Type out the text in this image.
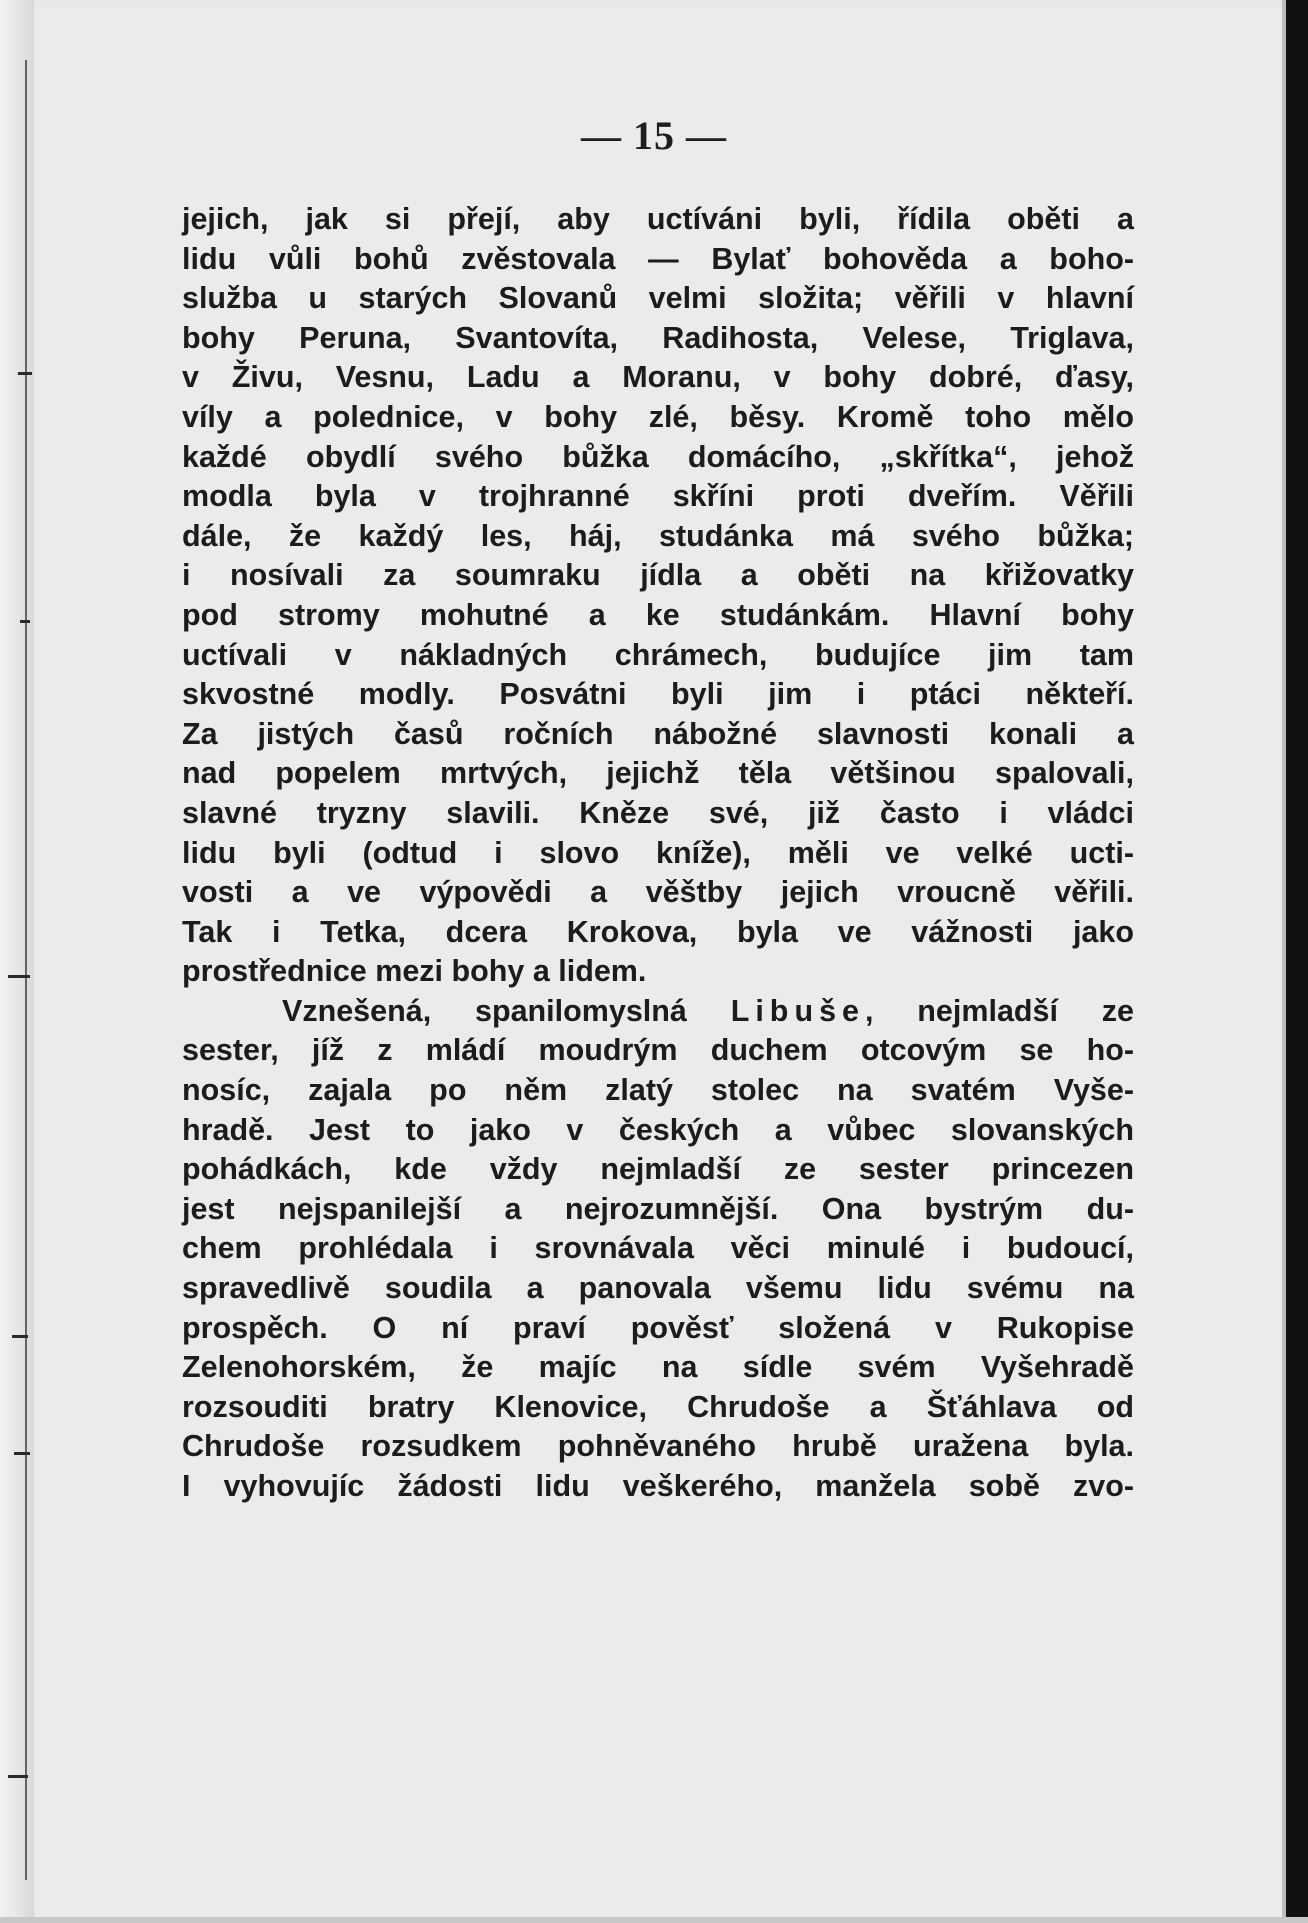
— 15 —
jejich, jak si přejí, aby uctíváni byli, řídila oběti a
lidu vůli bohů zvěstovala — Bylať bohověda a boho-
služba u starých Slovanů velmi složita; věřili v hlavní
bohy Peruna, Svantovíta, Radihosta, Velese, Triglava,
v Živu, Vesnu, Ladu a Moranu, v bohy dobré, ďasy,
víly a polednice, v bohy zlé, běsy. Kromě toho mělo
každé obydlí svého bůžka domácího, „skřítka“, jehož
modla byla v trojhranné skříni proti dveřím. Věřili
dále, že každý les, háj, studánka má svého bůžka;
i nosívali za soumraku jídla a oběti na křižovatky
pod stromy mohutné a ke studánkám. Hlavní bohy
uctívali v nákladných chrámech, budujíce jim tam
skvostné modly. Posvátni byli jim i ptáci někteří.
Za jistých časů ročních nábožné slavnosti konali a
nad popelem mrtvých, jejichž těla většinou spalovali,
slavné tryzny slavili. Kněze své, již často i vládci
lidu byli (odtud i slovo kníže), měli ve velké ucti-
vosti a ve výpovědi a věštby jejich vroucně věřili.
Tak i Tetka, dcera Krokova, byla ve vážnosti jako
prostřednice mezi bohy a lidem.
Vznešená, spanilomyslná Libuše, nejmladší ze
sester, jíž z mládí moudrým duchem otcovým se ho-
nosíc, zajala po něm zlatý stolec na svatém Vyše-
hradě. Jest to jako v českých a vůbec slovanských
pohádkách, kde vždy nejmladší ze sester princezen
jest nejspanilejší a nejrozumnější. Ona bystrým du-
chem prohlédala i srovnávala věci minulé i budoucí,
spravedlivě soudila a panovala všemu lidu svému na
prospěch. O ní praví pověsť složená v Rukopise
Zelenohorském, že majíc na sídle svém Vyšehradě
rozsouditi bratry Klenovice, Chrudoše a Šťáhlava od
Chrudoše rozsudkem pohněvaného hrubě uražena byla.
I vyhovujíc žádosti lidu veškerého, manžela sobě zvo-
